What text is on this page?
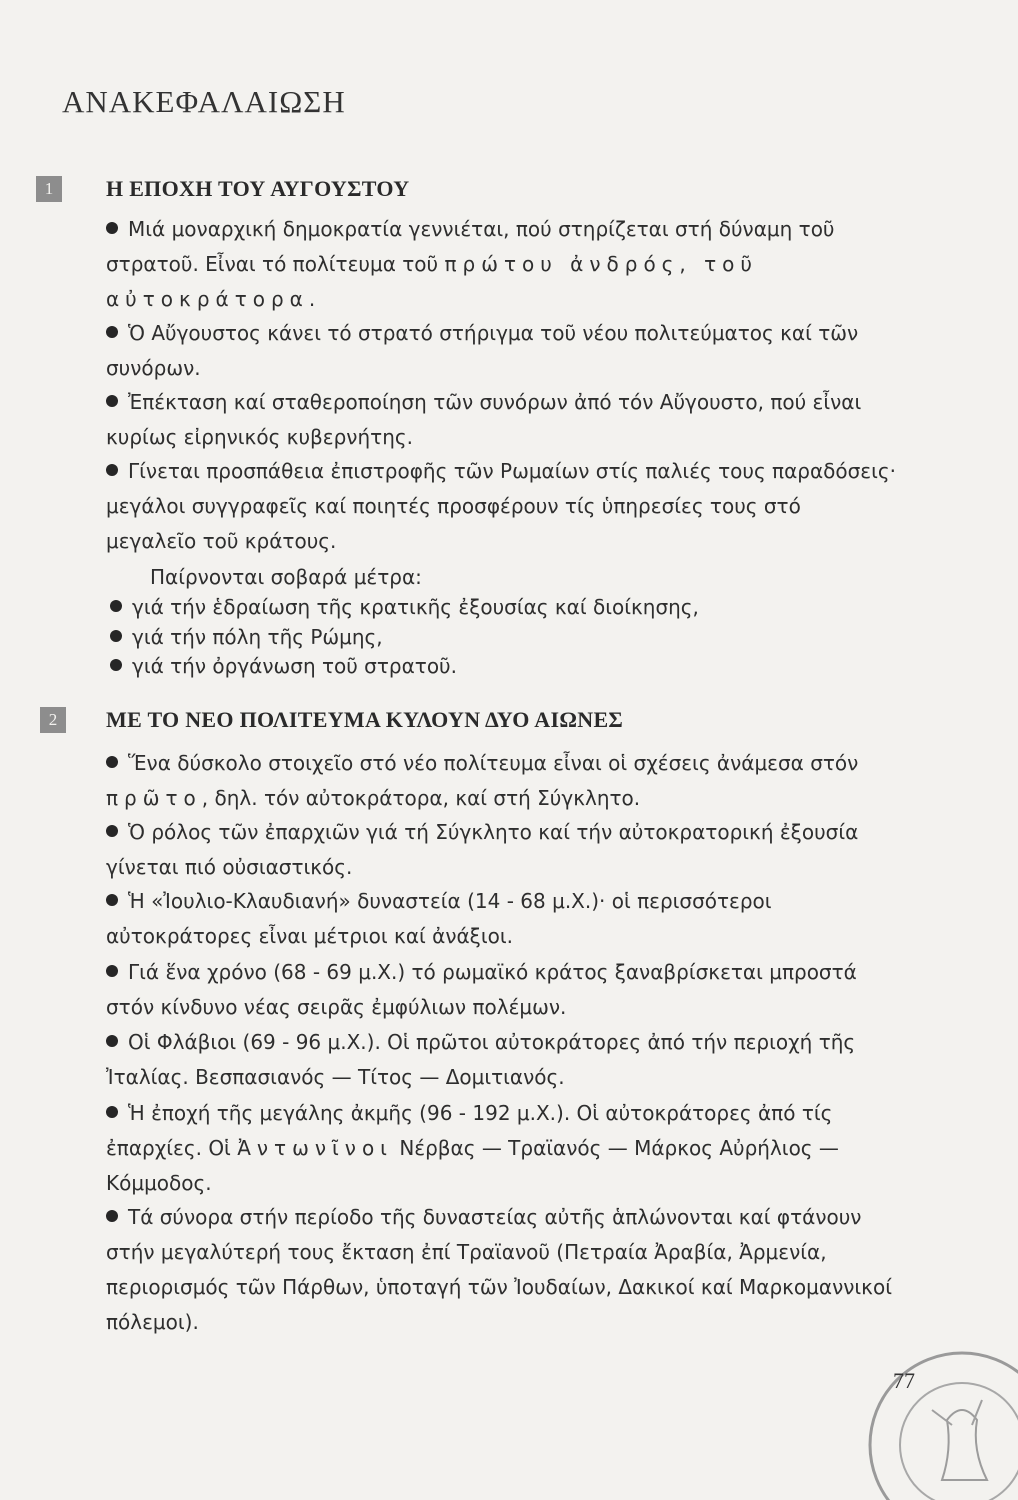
ΑΝΑΚΕΦΑΛΑΙΩΣΗ
1	Η ΕΠΟΧΗ ΤΟΥ ΑΥΓΟΥΣΤΟΥ
Μιά μοναρχική δημοκρατία γεννιέται, πού στηρίζεται στή δύναμη τοῦ στρατοῦ. Εἶναι τό πολίτευμα τοῦ πρώτου ἀνδρός, τοῦ αὐτοκράτορα.
Ὁ Αὔγουστος κάνει τό στρατό στήριγμα τοῦ νέου πολιτεύματος καί τῶν συνόρων.
Ἐπέκταση καί σταθεροποίηση τῶν συνόρων ἀπό τόν Αὔγουστο, πού εἶναι κυρίως εἰρηνικός κυβερνήτης.
Γίνεται προσπάθεια ἐπιστροφῆς τῶν Ρωμαίων στίς παλιές τους παραδόσεις· μεγάλοι συγγραφεῖς καί ποιητές προσφέρουν τίς ὑπηρεσίες τους στό μεγαλεῖο τοῦ κράτους.
Παίρνονται σοβαρά μέτρα:
γιά τήν ἑδραίωση τῆς κρατικῆς ἐξουσίας καί διοίκησης,
γιά τήν πόλη τῆς Ρώμης,
γιά τήν ὀργάνωση τοῦ στρατοῦ.
2	ΜΕ ΤΟ ΝΕΟ ΠΟΛΙΤΕΥΜΑ ΚΥΛΟΥΝ ΔΥΟ ΑΙΩΝΕΣ
Ἕνα δύσκολο στοιχεῖο στό νέο πολίτευμα εἶναι οἱ σχέσεις ἀνάμεσα στόν πρῶτο, δηλ. τόν αὐτοκράτορα, καί στή Σύγκλητο.
Ὁ ρόλος τῶν ἐπαρχιῶν γιά τή Σύγκλητο καί τήν αὐτοκρατορική ἐξουσία γίνεται πιό οὐσιαστικός.
Ἡ «Ἰουλιο-Κλαυδιανή» δυναστεία (14 - 68 μ.Χ.)· οἱ περισσότεροι αὐτοκράτορες εἶναι μέτριοι καί ἀνάξιοι.
Γιά ἕνα χρόνο (68 - 69 μ.Χ.) τό ρωμαϊκό κράτος ξαναβρίσκεται μπροστά στόν κίνδυνο νέας σειρᾶς ἐμφύλιων πολέμων.
Οἱ Φλάβιοι (69 - 96 μ.Χ.). Οἱ πρῶτοι αὐτοκράτορες ἀπό τήν περιοχή τῆς Ἰταλίας. Βεσπασιανός — Τίτος — Δομιτιανός.
Ἡ ἐποχή τῆς μεγάλης ἀκμῆς (96 - 192 μ.Χ.). Οἱ αὐτοκράτορες ἀπό τίς ἐπαρχίες. Οἱ Ἀντωνῖνοι Νέρβας — Τραϊανός — Μάρκος Αὐρήλιος — Κόμμοδος.
Τά σύνορα στήν περίοδο τῆς δυναστείας αὐτῆς ἁπλώνονται καί φτάνουν στήν μεγαλύτερή τους ἔκταση ἐπί Τραϊανοῦ (Πετραία Ἀραβία, Ἀρμενία, περιορισμός τῶν Πάρθων, ὑποταγή τῶν Ἰουδαίων, Δακικοί καί Μαρκομαννικοί πόλεμοι).
77
